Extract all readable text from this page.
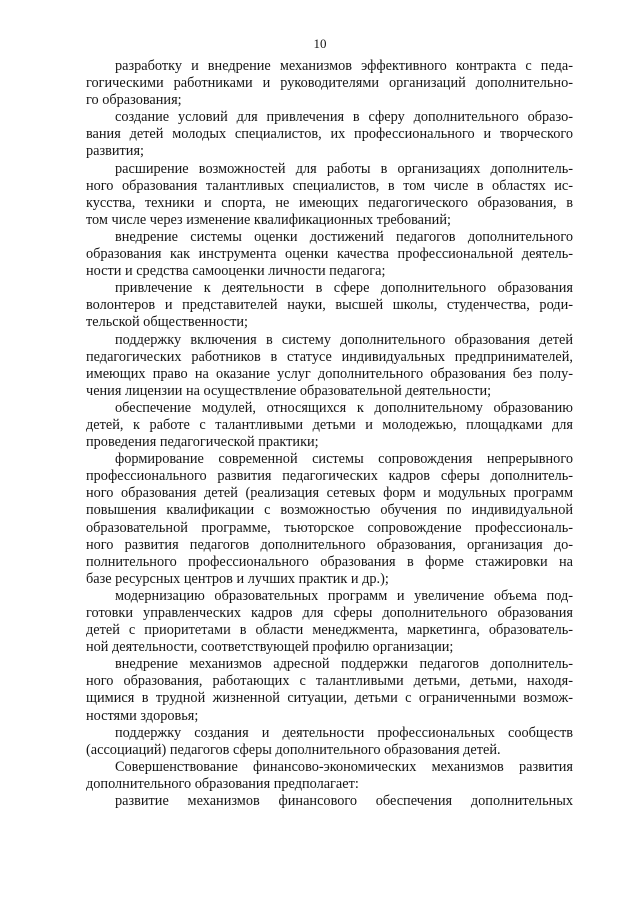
10
разработку и внедрение механизмов эффективного контракта с педа-
гогическими работниками и руководителями организаций дополнительно-
го образования;
создание условий для привлечения в сферу дополнительного образо-
вания детей молодых специалистов, их профессионального и творческого
развития;
расширение возможностей для работы в организациях дополнитель-
ного образования талантливых специалистов, в том числе в областях ис-
кусства, техники и спорта, не имеющих педагогического образования, в
том числе через изменение квалификационных требований;
внедрение системы оценки достижений педагогов дополнительного
образования как инструмента оценки качества профессиональной деятель-
ности и средства самооценки личности педагога;
привлечение к деятельности в сфере дополнительного образования
волонтеров и представителей науки, высшей школы, студенчества, роди-
тельской общественности;
поддержку включения в систему дополнительного образования детей
педагогических работников в статусе индивидуальных предпринимателей,
имеющих право на оказание услуг дополнительного образования без полу-
чения лицензии на осуществление образовательной деятельности;
обеспечение модулей, относящихся к дополнительному образованию
детей, к работе с талантливыми детьми и молодежью, площадками для
проведения педагогической практики;
формирование современной системы сопровождения непрерывного
профессионального развития педагогических кадров сферы дополнитель-
ного образования детей (реализация сетевых форм и модульных программ
повышения квалификации с возможностью обучения по индивидуальной
образовательной программе, тьюторское сопровождение профессиональ-
ного развития педагогов дополнительного образования, организация до-
полнительного профессионального образования в форме стажировки на
базе ресурсных центров и лучших практик и др.);
модернизацию образовательных программ и увеличение объема под-
готовки управленческих кадров для сферы дополнительного образования
детей с приоритетами в области менеджмента, маркетинга, образователь-
ной деятельности, соответствующей профилю организации;
внедрение механизмов адресной поддержки педагогов дополнитель-
ного образования, работающих с талантливыми детьми, детьми, находя-
щимися в трудной жизненной ситуации, детьми с ограниченными возмож-
ностями здоровья;
поддержку создания и деятельности профессиональных сообществ
(ассоциаций) педагогов сферы дополнительного образования детей.
Совершенствование финансово-экономических механизмов развития
дополнительного образования предполагает:
развитие механизмов финансового обеспечения дополнительных
